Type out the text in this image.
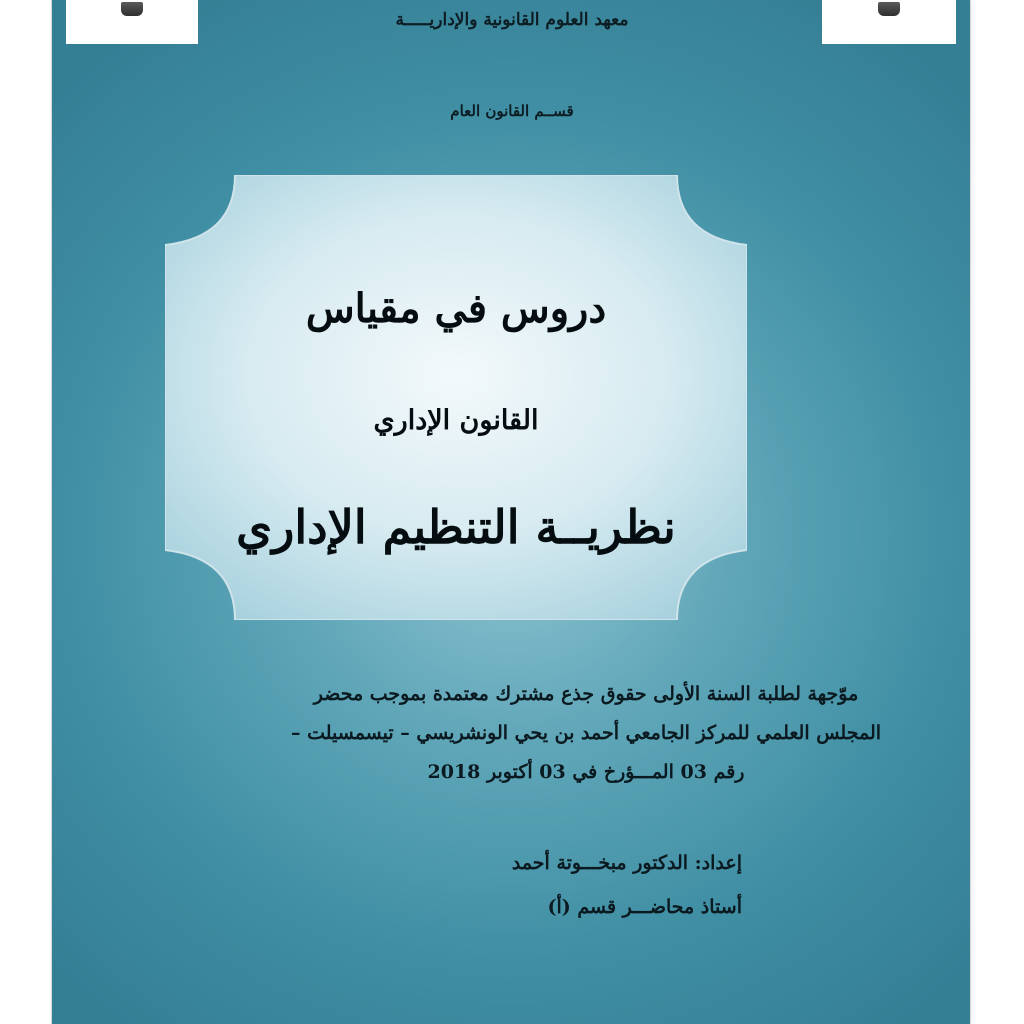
معهد العلوم القانونية والإداريـــــة
قســم القانون العام
دروس في مقياس
القانون الإداري
نظريــة التنظيم الإداري
موّجهة لطلبة السنة الأولى حقوق جذع مشترك معتمدة بموجب محضر
المجلس العلمي للمركز الجامعي أحمد بن يحي الونشريسي – تيسمسيلت –
رقم 03 المـــؤرخ في 03 أكتوبر 2018
إعداد: الدكتور مبخـــوتة أحمد
أستاذ محاضـــر قسم (أ)
